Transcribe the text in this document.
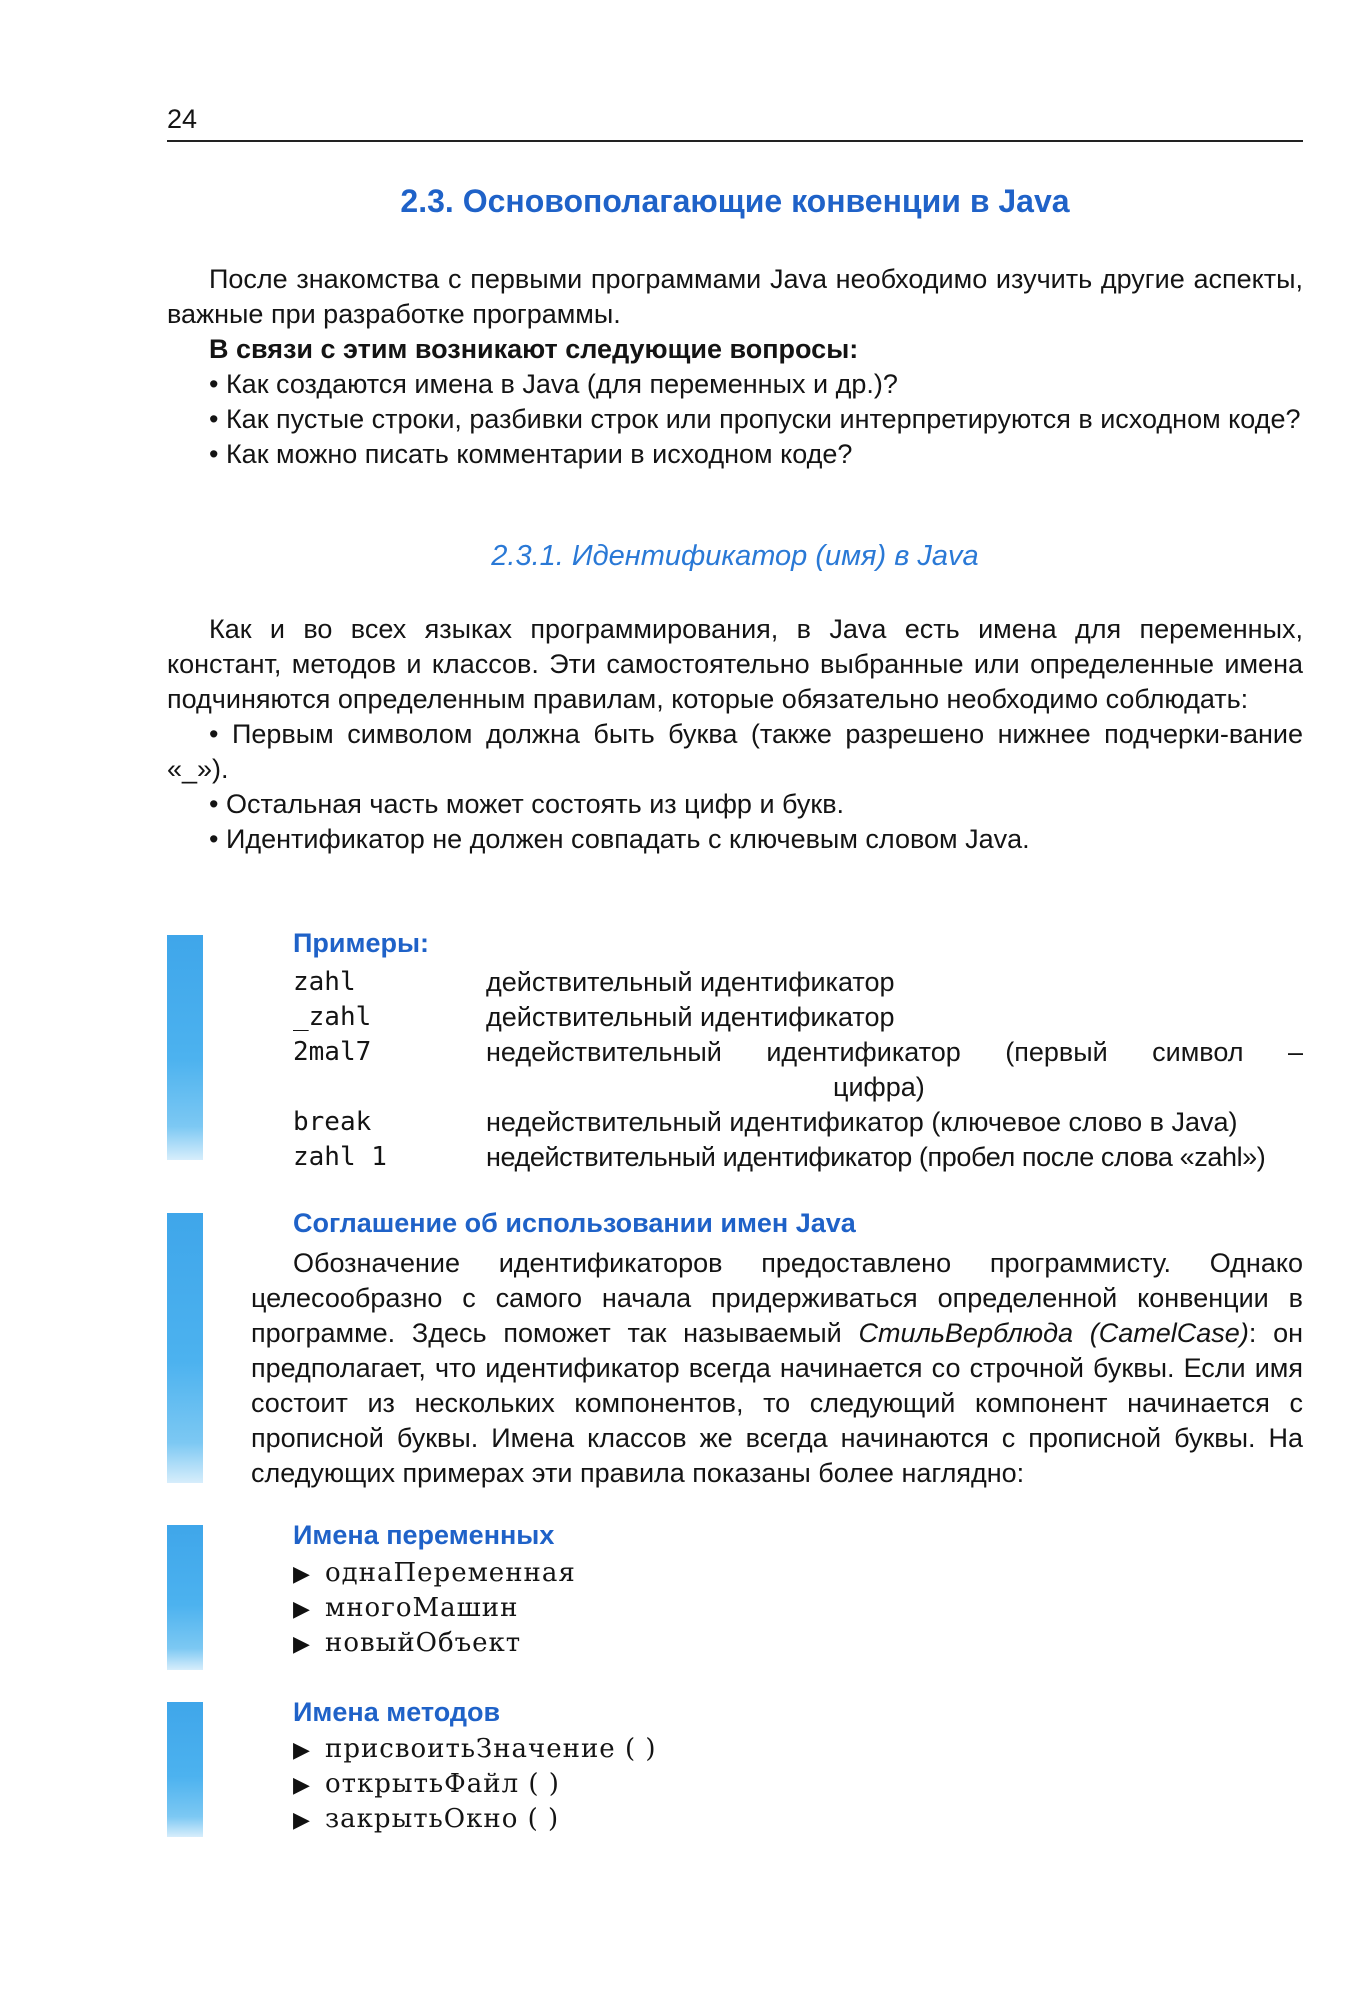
24
2.3. Основополагающие конвенции в Java

После знакомства с первыми программами Java необходимо изучить другие аспекты, важные при разработке программы.

В связи с этим возникают следующие вопросы:

• Как создаются имена в Java (для переменных и др.)?

• Как пустые строки, разбивки строк или пропуски интерпретируются в исходном коде?

• Как можно писать комментарии в исходном коде?

2.3.1. Идентификатор (имя) в Java

Как и во всех языках программирования, в Java есть имена для переменных, констант, методов и классов. Эти самостоятельно выбранные или определенные имена подчиняются определенным правилам, которые обязательно необходимо соблюдать:

• Первым символом должна быть буква (также разрешено нижнее подчерки-вание «_»).

• Остальная часть может состоять из цифр и букв.

• Идентификатор не должен совпадать с ключевым словом Java.

Примеры:
zahl	действительный идентификатор
_zahl	действительный идентификатор
2mal7	недействительный идентификатор (первый символ –
цифра)
break	недействительный идентификатор (ключевое слово в Java)
zahl 1	недействительный идентификатор (пробел после слова «zahl»)
Соглашение об использовании имен Java

Обозначение идентификаторов предоставлено программисту. Однако целесообразно с самого начала придерживаться определенной конвенции в программе. Здесь поможет так называемый СтильВерблюда (CamelCase): он предполагает, что идентификатор всегда начинается со строчной буквы. Если имя состоит из нескольких компонентов, то следующий компонент начинается с прописной буквы. Имена классов же всегда начинаются с прописной буквы. На следующих примерах эти правила показаны более наглядно:

Имена переменных
▶ однаПеременная
▶ многоМашин
▶ новыйОбъект
Имена методов
▶ присвоитьЗначение ( )
▶ открытьФайл ( )
▶ закрытьОкно ( )
